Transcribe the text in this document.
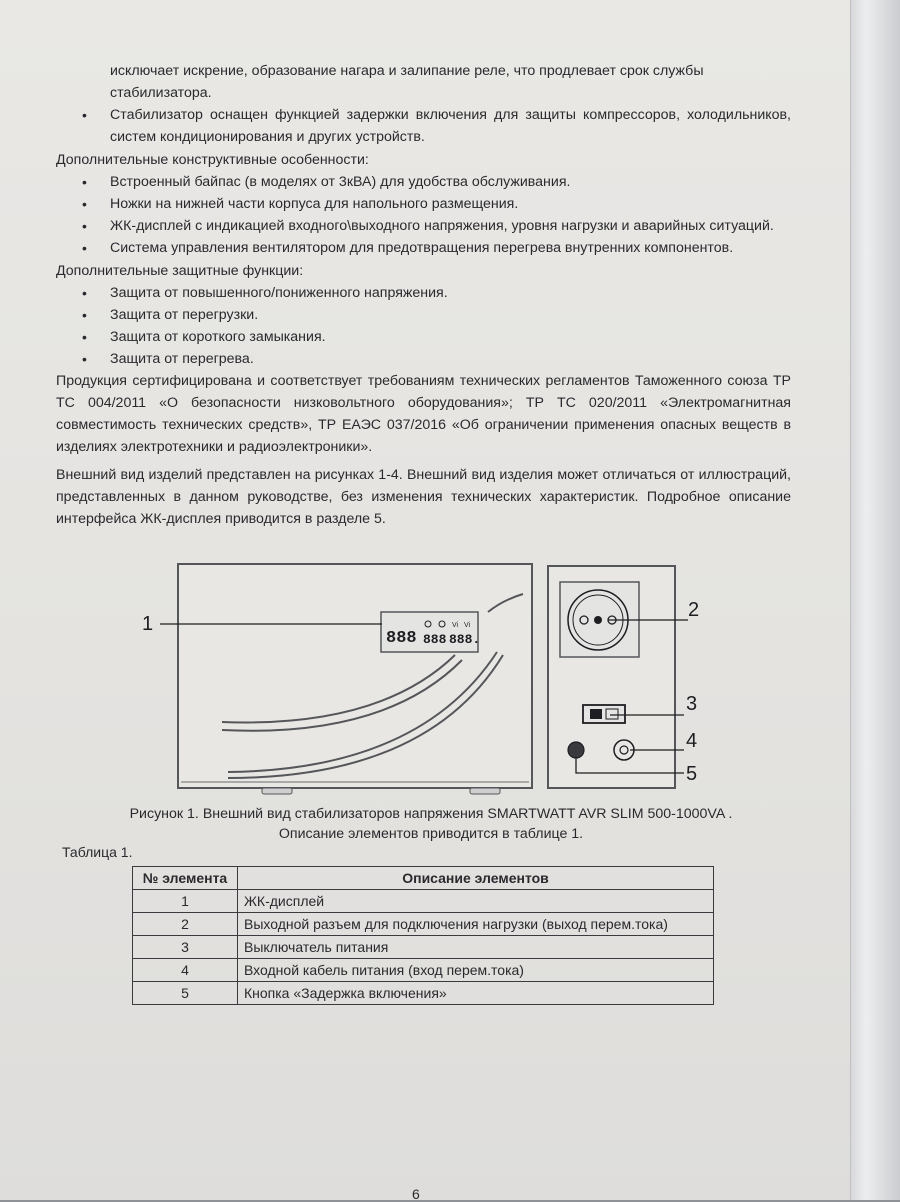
исключает искрение, образование нагара и залипание реле, что продлевает срок службы

стабилизатора.

• Стабилизатор оснащен функцией задержки включения для защиты компрессоров, холодильников, систем кондиционирования и других устройств.

Дополнительные конструктивные особенности:

• Встроенный байпас (в моделях от 3кВА) для удобства обслуживания.
• Ножки на нижней части корпуса для напольного размещения.
• ЖК-дисплей с индикацией входного\выходного напряжения, уровня нагрузки и аварийных ситуаций.
• Система управления вентилятором для предотвращения перегрева внутренних компонентов.

Дополнительные защитные функции:

• Защита от повышенного/пониженного напряжения.
• Защита от перегрузки.
• Защита от короткого замыкания.
• Защита от перегрева.

Продукция сертифицирована и соответствует требованиям технических регламентов Таможенного союза ТР ТС 004/2011 «О безопасности низковольтного оборудования»; ТР ТС 020/2011 «Электромагнитная совместимость технических средств», ТР ЕАЭС 037/2016 «Об ограничении применения опасных веществ в изделиях электротехники и радиоэлектроники».

Внешний вид изделий представлен на рисунках 1-4. Внешний вид изделия может отличаться от иллюстраций, представленных в данном руководстве, без изменения технических характеристик. Подробное описание интерфейса ЖК-дисплея приводится в разделе 5.

888 888 888.
Vi Vi
1
2
3
4
5
Рисунок 1. Внешний вид стабилизаторов напряжения SMARTWATT AVR SLIM 500-1000VA .
Описание элементов приводится в таблице 1.
Таблица 1.
№ элемента	Описание элементов
1	ЖК-дисплей
2	Выходной разъем для подключения нагрузки (выход перем.тока)
3	Выключатель питания
4	Входной кабель питания (вход перем.тока)
5	Кнопка «Задержка включения»
6
